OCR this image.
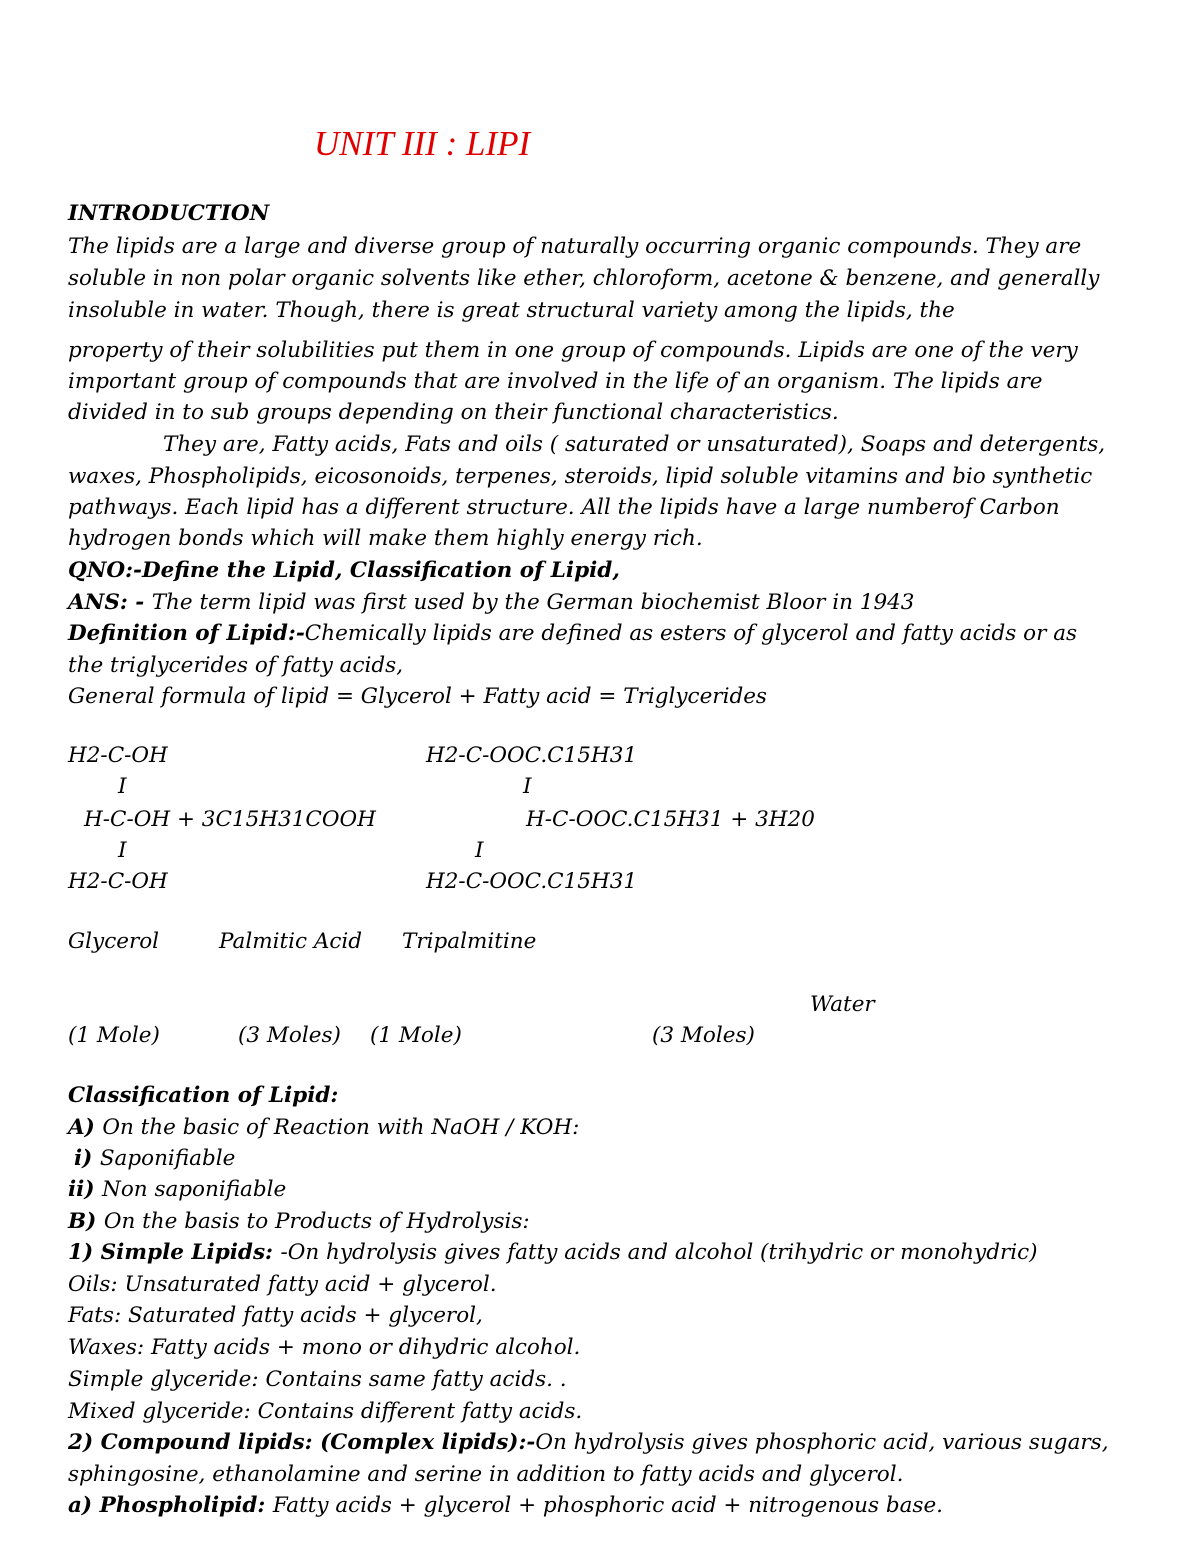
UNIT III : LIPI
INTRODUCTION
The lipids are a large and diverse group of naturally occurring organic compounds. They are
soluble in non polar organic solvents like ether, chloroform, acetone & benzene, and generally
insoluble in water. Though, there is great structural variety among the lipids, the
property of their solubilities put them in one group of compounds. Lipids are one of the very
important group of compounds that are involved in the life of an organism. The lipids are
divided in to sub groups depending on their functional characteristics.
They are, Fatty acids, Fats and oils ( saturated or unsaturated), Soaps and detergents,
waxes, Phospholipids, eicosonoids, terpenes, steroids, lipid soluble vitamins and bio synthetic
pathways. Each lipid has a different structure. All the lipids have a large numberof Carbon
hydrogen bonds which will make them highly energy rich.
QNO:-Define the Lipid, Classification of Lipid,
ANS: - The term lipid was first used by the German biochemist Bloor in 1943
Definition of Lipid:-Chemically lipids are defined as esters of glycerol and fatty acids or as
the triglycerides of fatty acids,
General formula of lipid = Glycerol + Fatty acid = Triglycerides
H2-C-OH
I
H-C-OH + 3C15H31COOH
I
H2-C-OH
H2-C-OOC.C15H31
I
H-C-OOC.C15H31 + 3H20
I
H2-C-OOC.C15H31
Glycerol	Palmitic Acid Tripalmitine
Water
(1 Mole)	(3 Moles) (1 Mole)	(3 Moles)
Classification of Lipid:
A) On the basic of Reaction with NaOH / KOH:
i) Saponifiable
ii) Non saponifiable
B) On the basis to Products of Hydrolysis:
1) Simple Lipids: -On hydrolysis gives fatty acids and alcohol (trihydric or monohydric)
Oils: Unsaturated fatty acid + glycerol.
Fats: Saturated fatty acids + glycerol,
Waxes: Fatty acids + mono or dihydric alcohol.
Simple glyceride: Contains same fatty acids. .
Mixed glyceride: Contains different fatty acids.
2) Compound lipids: (Complex lipids):-On hydrolysis gives phosphoric acid, various sugars,
sphingosine, ethanolamine and serine in addition to fatty acids and glycerol.
a) Phospholipid: Fatty acids + glycerol + phosphoric acid + nitrogenous base.
